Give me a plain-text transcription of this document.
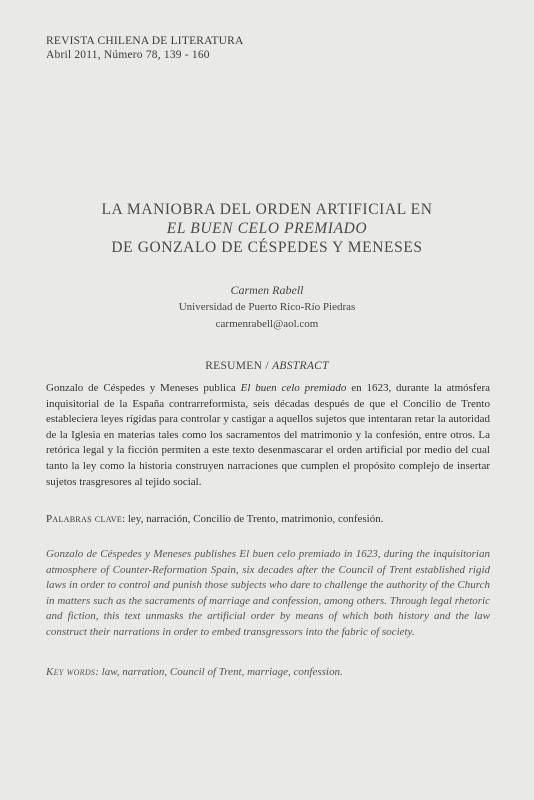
REVISTA CHILENA DE LITERATURA
Abril 2011, Número 78, 139 - 160
LA MANIOBRA DEL ORDEN ARTIFICIAL EN
EL BUEN CELO PREMIADO
DE GONZALO DE CÉSPEDES Y MENESES
Carmen Rabell
Universidad de Puerto Rico-Río Piedras
carmenrabell@aol.com
RESUMEN / ABSTRACT
Gonzalo de Céspedes y Meneses publica El buen celo premiado en 1623, durante la atmósfera inquisitorial de la España contrarreformista, seis décadas después de que el Concilio de Trento estableciera leyes rígidas para controlar y castigar a aquellos sujetos que intentaran retar la autoridad de la Iglesia en materias tales como los sacramentos del matrimonio y la confesión, entre otros. La retórica legal y la ficción permiten a este texto desenmascarar el orden artificial por medio del cual tanto la ley como la historia construyen narraciones que cumplen el propósito complejo de insertar sujetos trasgresores al tejido social.
Palabras clave: ley, narración, Concilio de Trento, matrimonio, confesión.
Gonzalo de Céspedes y Meneses publishes El buen celo premiado in 1623, during the inquisitorian atmosphere of Counter-Reformation Spain, six decades after the Council of Trent established rigid laws in order to control and punish those subjects who dare to challenge the authority of the Church in matters such as the sacraments of marriage and confession, among others. Through legal rhetoric and fiction, this text unmasks the artificial order by means of which both history and the law construct their narrations in order to embed transgressors into the fabric of society.
Key words: law, narration, Council of Trent, marriage, confession.
